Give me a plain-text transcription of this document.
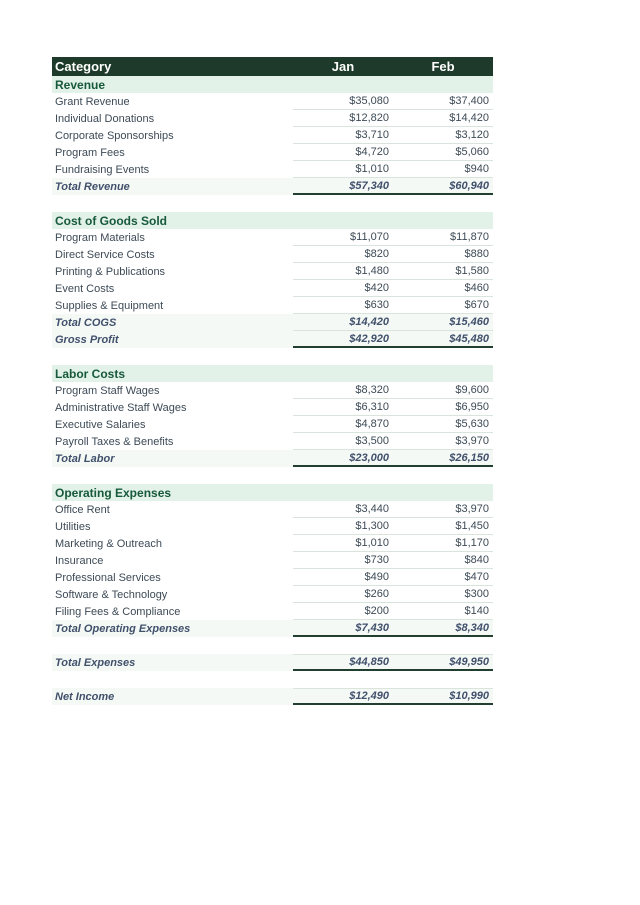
Category	Jan	Feb
Revenue
Grant Revenue	$35,080	$37,400
Individual Donations	$12,820	$14,420
Corporate Sponsorships	$3,710	$3,120
Program Fees	$4,720	$5,060
Fundraising Events	$1,010	$940
Total Revenue	$57,340	$60,940
Cost of Goods Sold
Program Materials	$11,070	$11,870
Direct Service Costs	$820	$880
Printing & Publications	$1,480	$1,580
Event Costs	$420	$460
Supplies & Equipment	$630	$670
Total COGS	$14,420	$15,460
Gross Profit	$42,920	$45,480
Labor Costs
Program Staff Wages	$8,320	$9,600
Administrative Staff Wages	$6,310	$6,950
Executive Salaries	$4,870	$5,630
Payroll Taxes & Benefits	$3,500	$3,970
Total Labor	$23,000	$26,150
Operating Expenses
Office Rent	$3,440	$3,970
Utilities	$1,300	$1,450
Marketing & Outreach	$1,010	$1,170
Insurance	$730	$840
Professional Services	$490	$470
Software & Technology	$260	$300
Filing Fees & Compliance	$200	$140
Total Operating Expenses	$7,430	$8,340
Total Expenses	$44,850	$49,950
Net Income	$12,490	$10,990
